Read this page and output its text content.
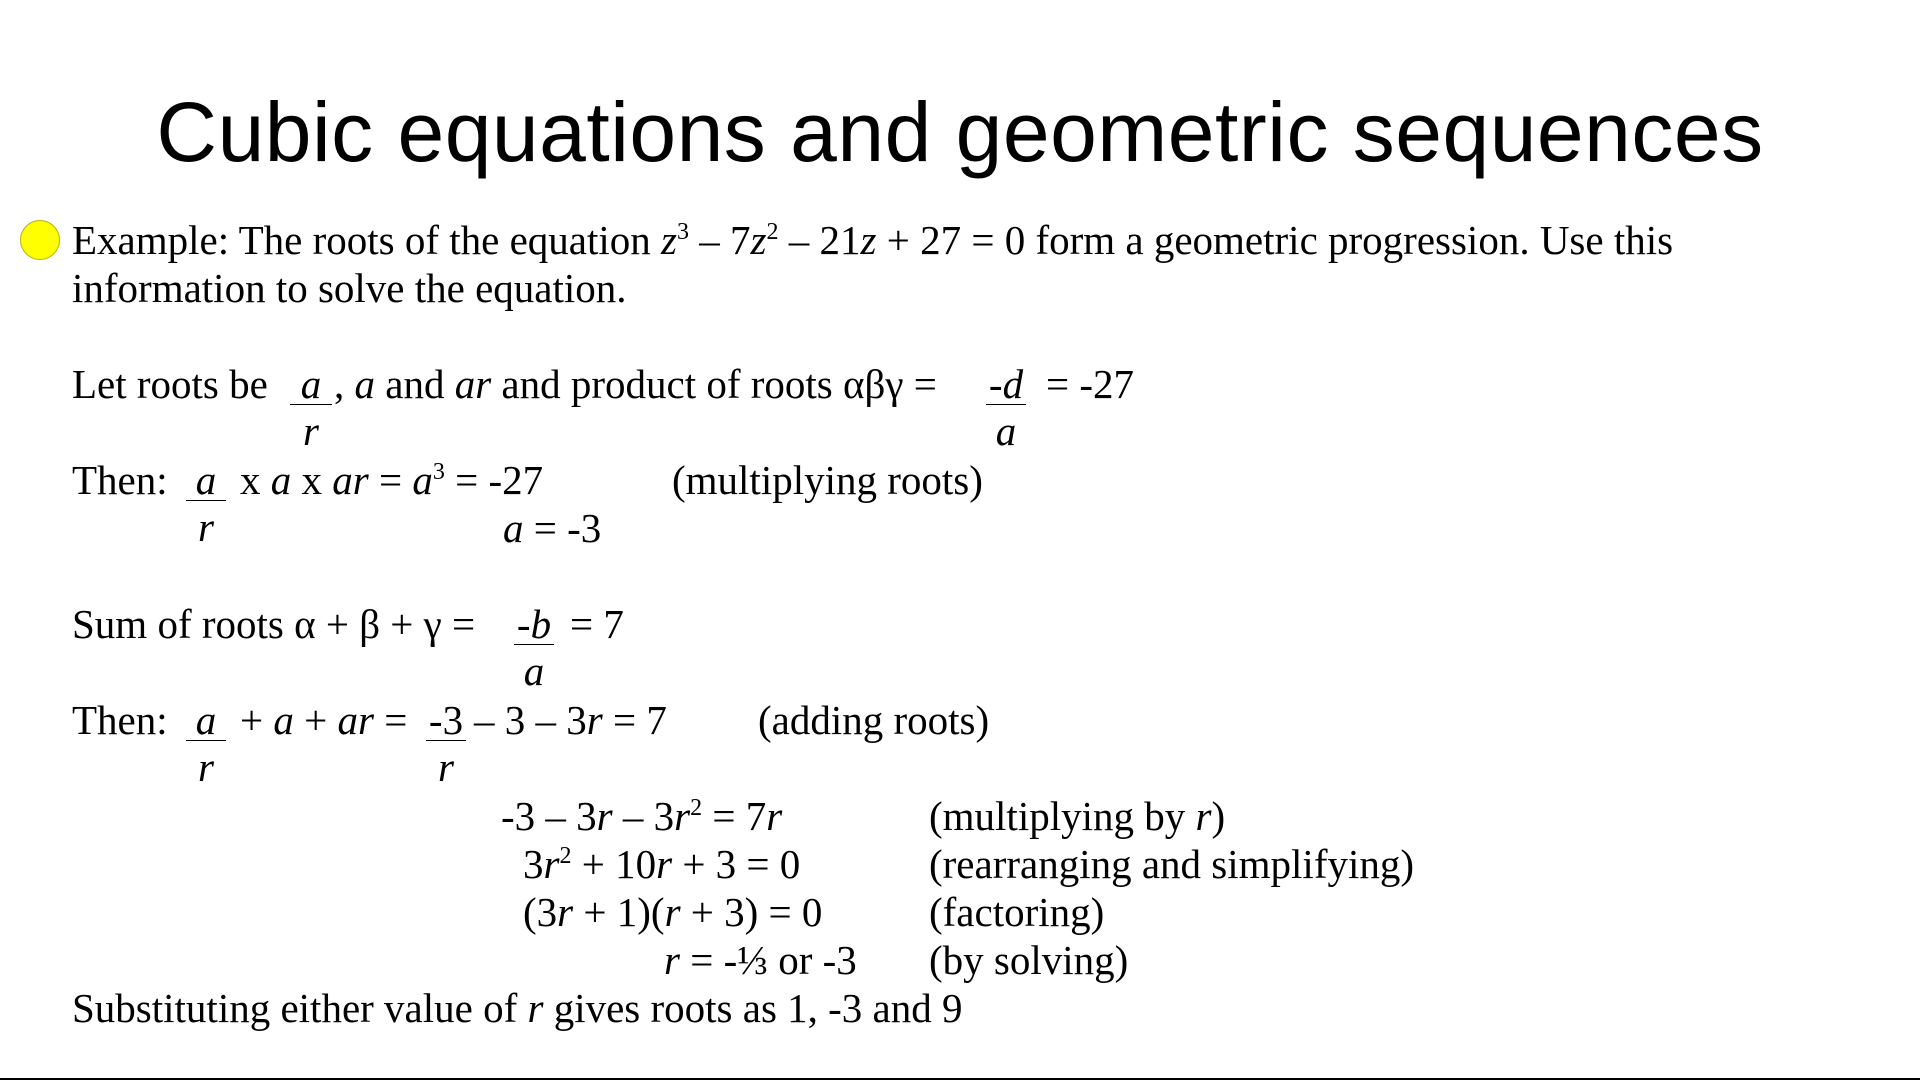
Cubic equations and geometric sequences
Example: The roots of the equation $z^3 - 7z^2 - 21z + 27 = 0$ form a geometric progression. Use this
information to solve the equation.
Let roots be a
r
, a and ar and product of roots αβγ = -d
a
= -27
Then: a
r
x a x ar = $a^3 = -27$	(multiplying roots)
a = -3
Sum of roots α + β + γ = -b
a
= 7
Then: a
r
+ a + ar = -3
r
– 3 – 3r = 7 (adding roots)
$-3 - 3r - 3r^2 = 7r$	(multiplying by r)
$3r^2 + 10r + 3 = 0$	(rearranging and simplifying)
(3r + 1)(r + 3) = 0	(factoring)
r = -⅓ or -3 (by solving)
Substituting either value of r gives roots as 1, -3 and 9
